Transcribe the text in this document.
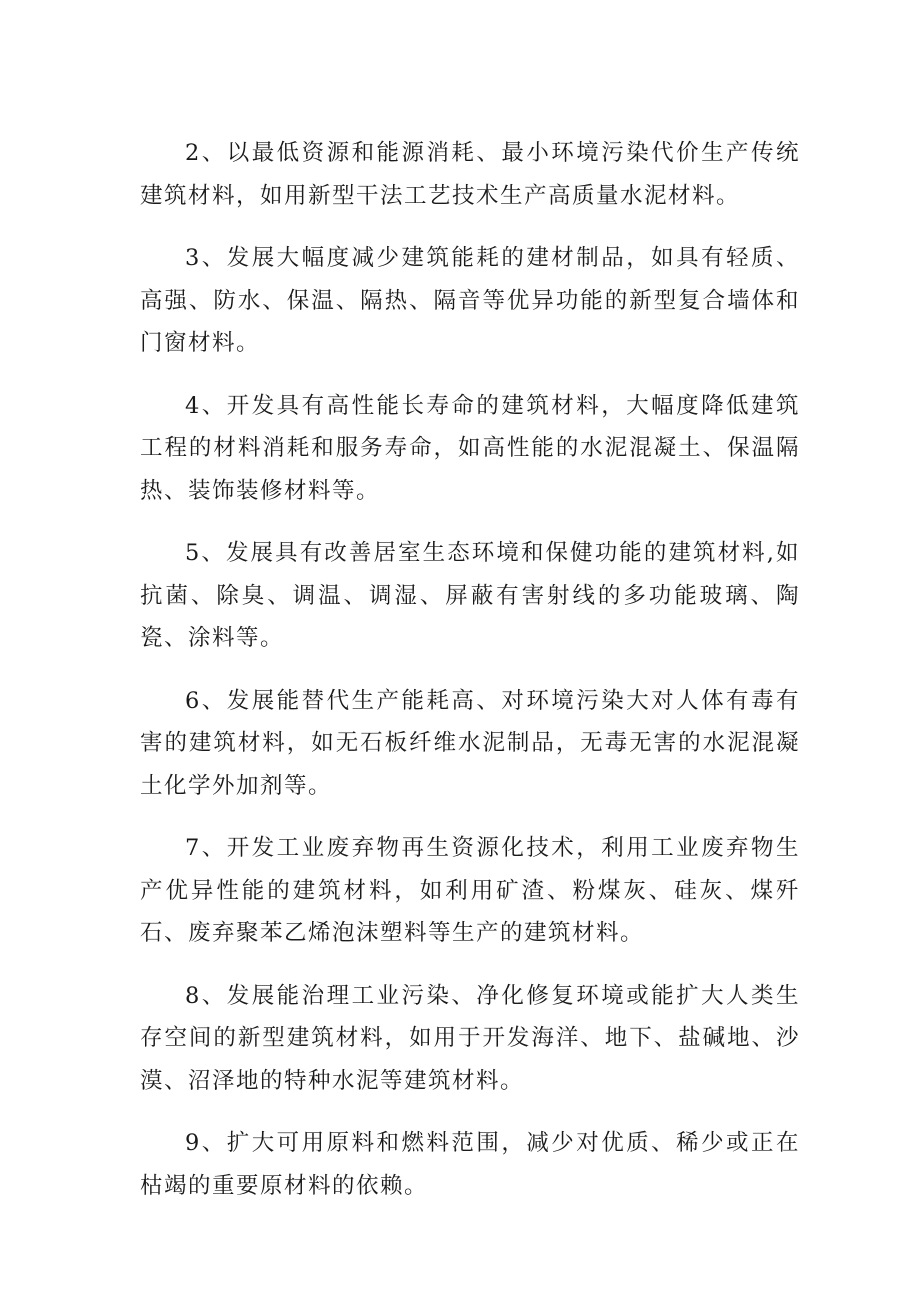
2、以最低资源和能源消耗、最小环境污染代价生产传统建筑材料，如用新型干法工艺技术生产高质量水泥材料。

3、发展大幅度减少建筑能耗的建材制品，如具有轻质、高强、防水、保温、隔热、隔音等优异功能的新型复合墙体和门窗材料。

4、开发具有高性能长寿命的建筑材料，大幅度降低建筑工程的材料消耗和服务寿命，如高性能的水泥混凝土、保温隔热、装饰装修材料等。

5、发展具有改善居室生态环境和保健功能的建筑材料,如抗菌、除臭、调温、调湿、屏蔽有害射线的多功能玻璃、陶瓷、涂料等。

6、发展能替代生产能耗高、对环境污染大对人体有毒有害的建筑材料，如无石板纤维水泥制品，无毒无害的水泥混凝土化学外加剂等。

7、开发工业废弃物再生资源化技术，利用工业废弃物生产优异性能的建筑材料，如利用矿渣、粉煤灰、硅灰、煤歼石、废弃聚苯乙烯泡沫塑料等生产的建筑材料。

8、发展能治理工业污染、净化修复环境或能扩大人类生存空间的新型建筑材料，如用于开发海洋、地下、盐碱地、沙漠、沼泽地的特种水泥等建筑材料。

9、扩大可用原料和燃料范围，减少对优质、稀少或正在枯竭的重要原材料的依赖。
